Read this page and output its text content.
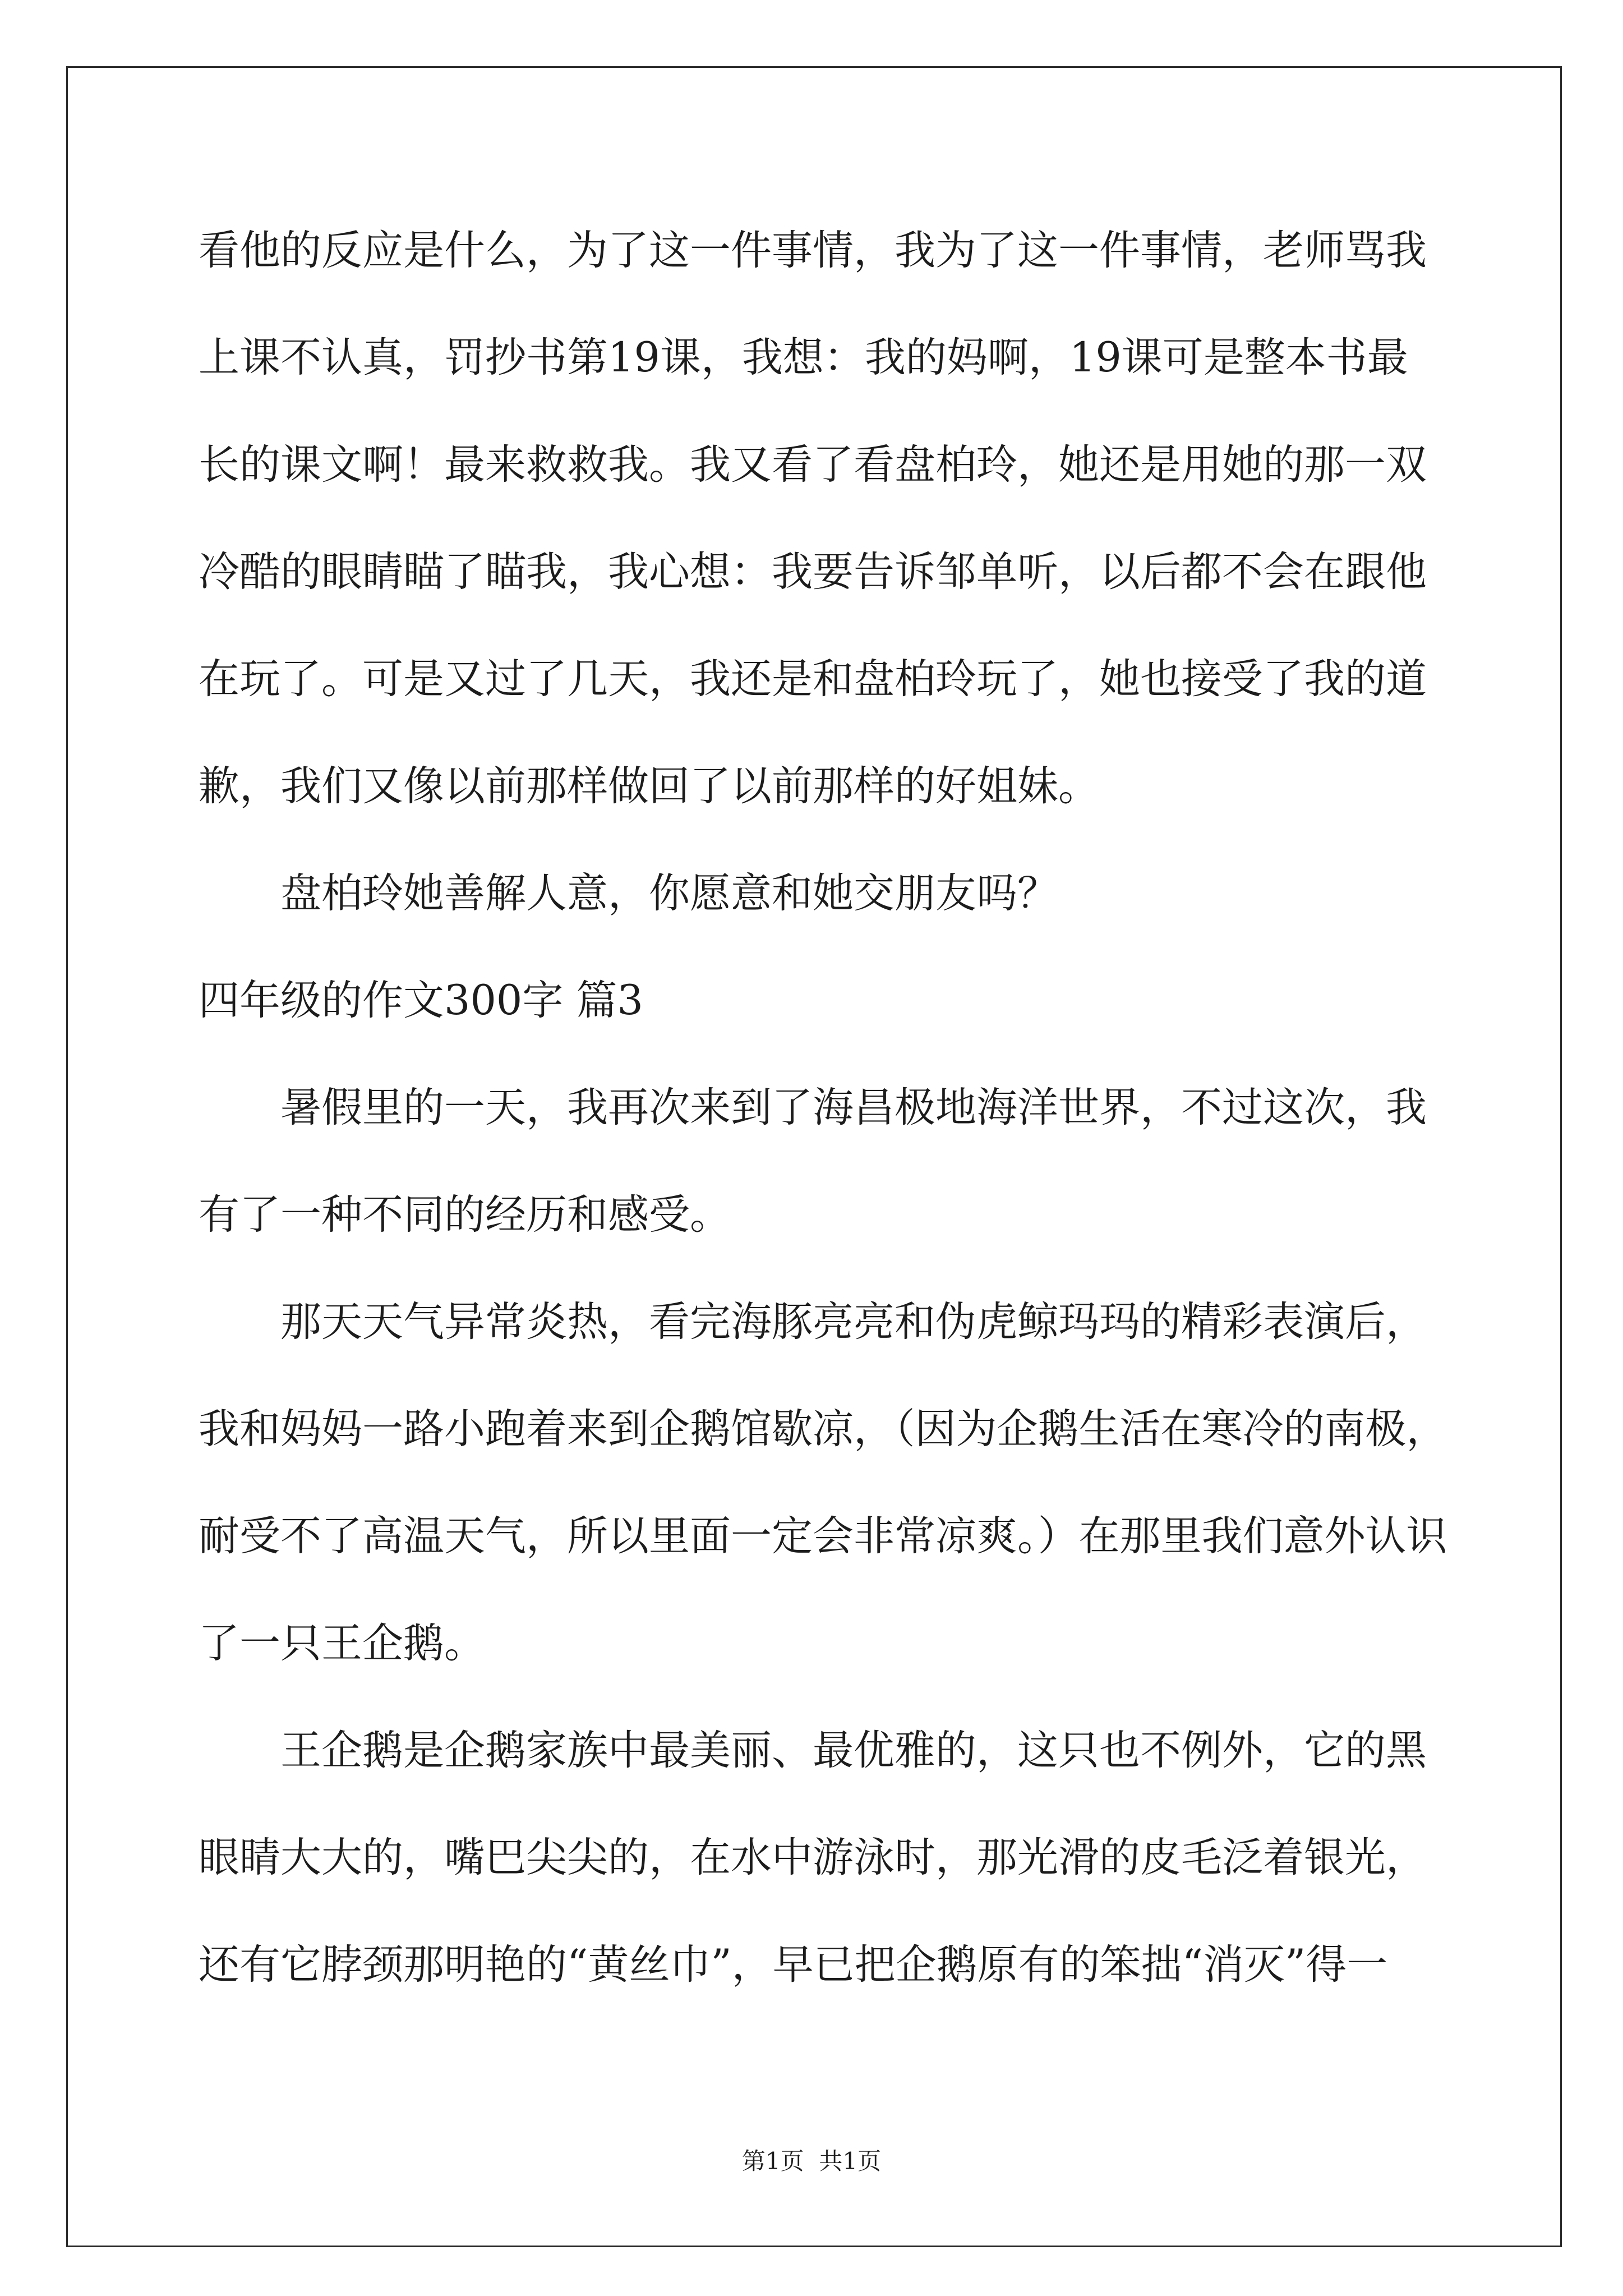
看他的反应是什么，为了这一件事情，我为了这一件事情，老师骂我
上课不认真，罚抄书第19课，我想：我的妈啊，19课可是整本书最
长的课文啊！最来救救我。我又看了看盘柏玲，她还是用她的那一双
冷酷的眼睛瞄了瞄我，我心想：我要告诉邹单听，以后都不会在跟他
在玩了。可是又过了几天，我还是和盘柏玲玩了，她也接受了我的道
歉，我们又像以前那样做回了以前那样的好姐妹。
盘柏玲她善解人意，你愿意和她交朋友吗？
四年级的作文300字 篇3
暑假里的一天，我再次来到了海昌极地海洋世界，不过这次，我
有了一种不同的经历和感受。
那天天气异常炎热，看完海豚亮亮和伪虎鲸玛玛的精彩表演后，
我和妈妈一路小跑着来到企鹅馆歇凉，（因为企鹅生活在寒冷的南极，
耐受不了高温天气，所以里面一定会非常凉爽。）在那里我们意外认识
了一只王企鹅。
王企鹅是企鹅家族中最美丽、最优雅的，这只也不例外，它的黑
眼睛大大的，嘴巴尖尖的，在水中游泳时，那光滑的皮毛泛着银光，
还有它脖颈那明艳的“黄丝巾”，早已把企鹅原有的笨拙“消灭”得一
第1页  共1页
